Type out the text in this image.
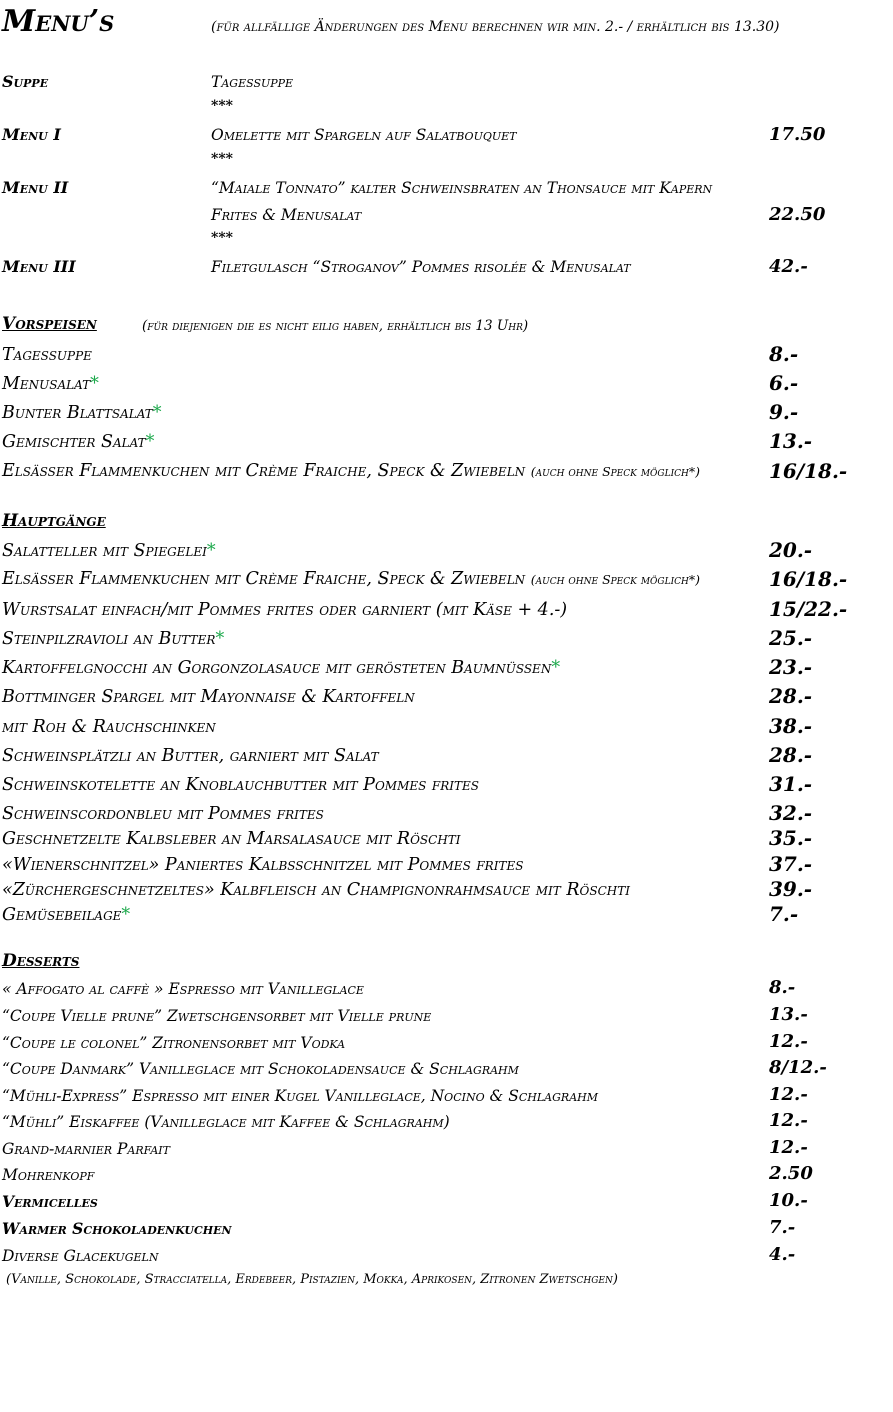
Menu’s	(für allfällige Änderungen des Menu berechnen wir min. 2.- / erhältlich bis 13.30)
Suppe	Tagessuppe
***
Menu I	Omelette mit Spargeln auf Salatbouquet	17.50
***
Menu II	“Maiale Tonnato” kalter Schweinsbraten an Thonsauce mit Kapern
Frites & Menusalat	22.50
***
Menu III	Filetgulasch “Stroganov” Pommes risolée & Menusalat	42.-
Vorspeisen	(für diejenigen die es nicht eilig haben, erhältlich bis 13 Uhr)
Tagessuppe	8.-
Menusalat*	6.-
Bunter Blattsalat*	9.-
Gemischter Salat*	13.-
Elsässer Flammenkuchen mit Crème Fraiche, Speck & Zwiebeln (auch ohne Speck möglich*)	16/18.-
Hauptgänge
Salatteller mit Spiegelei*	20.-
Elsässer Flammenkuchen mit Crème Fraiche, Speck & Zwiebeln (auch ohne Speck möglich*)	16/18.-
Wurstsalat einfach/mit Pommes frites oder garniert (mit Käse + 4.-)	15/22.-
Steinpilzravioli an Butter*	25.-
Kartoffelgnocchi an Gorgonzolasauce mit gerösteten Baumnüssen*	23.-
Bottminger Spargel mit Mayonnaise & Kartoffeln	28.-
mit Roh & Rauchschinken	38.-
Schweinsplätzli an Butter, garniert mit Salat	28.-
Schweinskotelette an Knoblauchbutter mit Pommes frites	31.-
Schweinscordonbleu mit Pommes frites	32.-
Geschnetzelte Kalbsleber an Marsalasauce mit Röschti	35.-
«Wienerschnitzel» Paniertes Kalbsschnitzel mit Pommes frites	37.-
«Zürchergeschnetzeltes» Kalbfleisch an Champignonrahmsauce mit Röschti	39.-
Gemüsebeilage*	7.-
Desserts
« Affogato al caffè » Espresso mit Vanilleglace	8.-
“Coupe Vielle prune” Zwetschgensorbet mit Vielle prune	13.-
“Coupe le colonel” Zitronensorbet mit Vodka	12.-
“Coupe Danmark” Vanilleglace mit Schokoladensauce & Schlagrahm	8/12.-
“Mühli-Express” Espresso mit einer Kugel Vanilleglace, Nocino & Schlagrahm	12.-
“Mühli” Eiskaffee (Vanilleglace mit Kaffee & Schlagrahm)	12.-
Grand-marnier Parfait	12.-
Mohrenkopf	2.50
Vermicelles	10.-
Warmer Schokoladenkuchen	7.-
Diverse Glacekugeln	4.-
(Vanille, Schokolade, Stracciatella, Erdebeer, Pistazien, Mokka, Aprikosen, Zitronen Zwetschgen)
